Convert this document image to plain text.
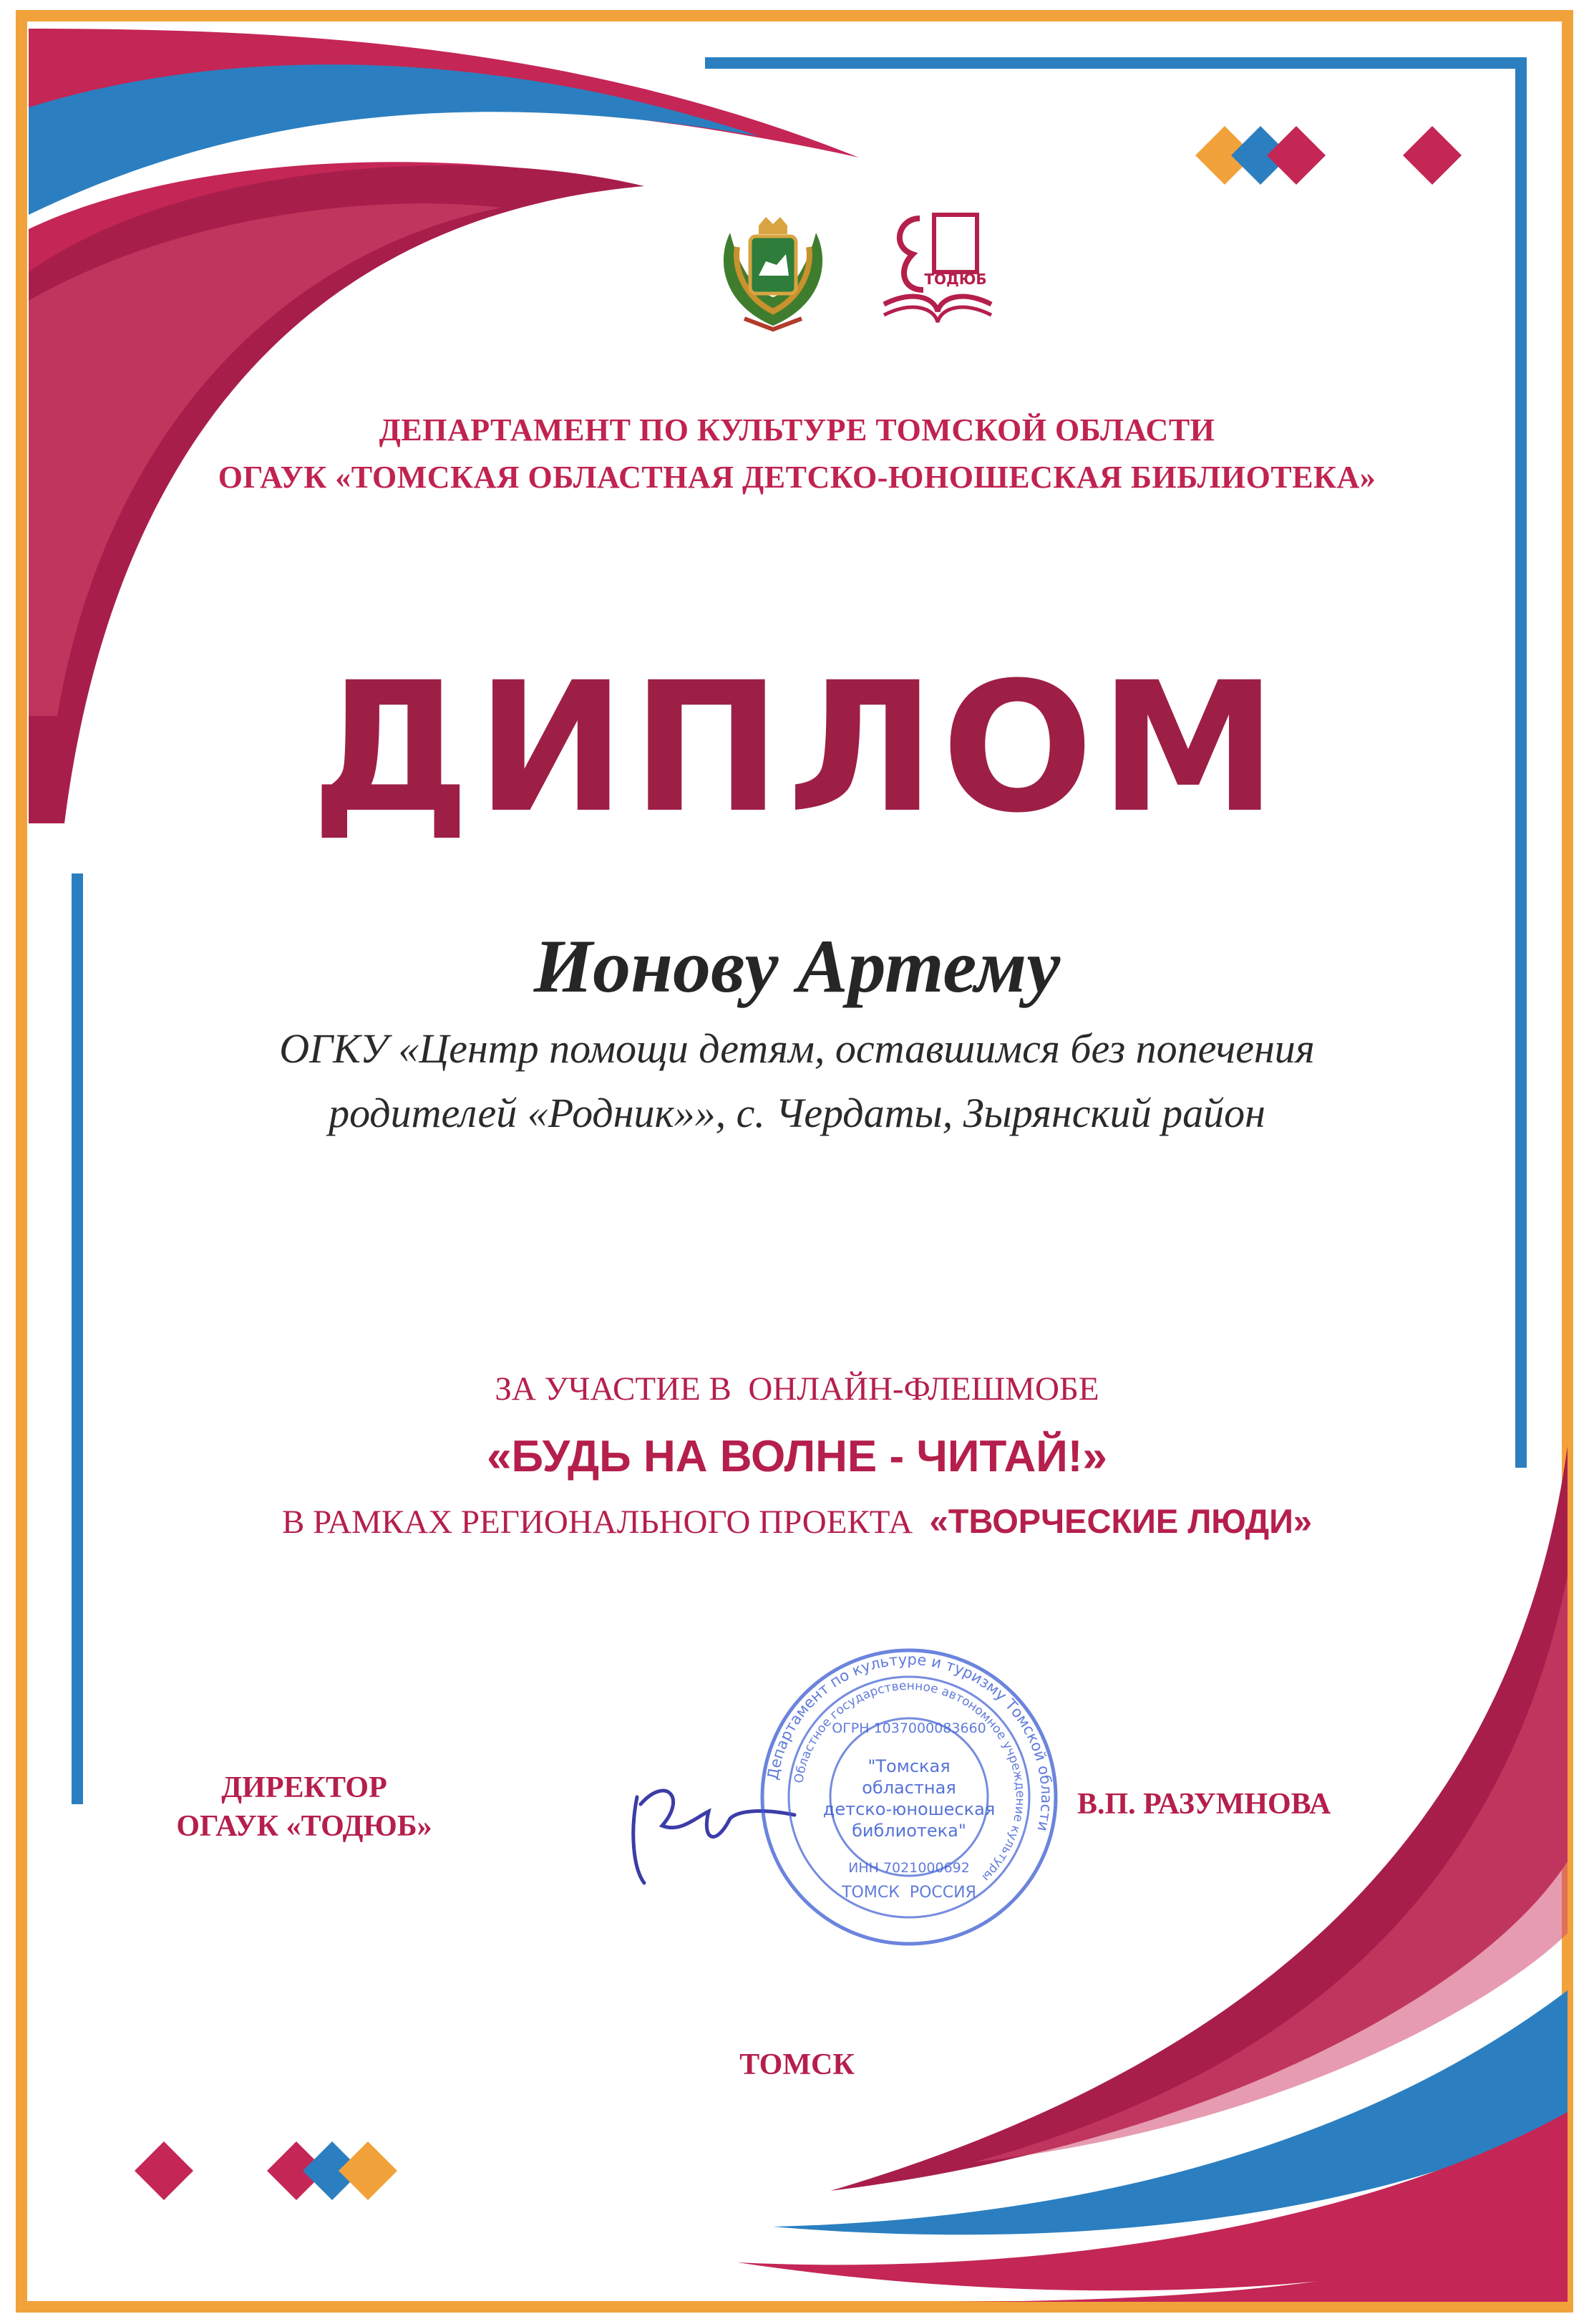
ТОДЮБ
ДЕПАРТАМЕНТ ПО КУЛЬТУРЕ ТОМСКОЙ ОБЛАСТИ
ОГАУК «ТОМСКАЯ ОБЛАСТНАЯ ДЕТСКО-ЮНОШЕСКАЯ БИБЛИОТЕКА»
ДИПЛОМ
Ионову Артему
ОГКУ «Центр помощи детям, оставшимся без попечения
родителей «Родник»», с. Чердаты, Зырянский район
ЗА УЧАСТИЕ В  ОНЛАЙН-ФЛЕШМОБЕ
«БУДЬ НА ВОЛНЕ - ЧИТАЙ!»
В РАМКАХ РЕГИОНАЛЬНОГО ПРОЕКТА «ТВОРЧЕСКИЕ ЛЮДИ»
ДИРЕКТОР
ОГАУК «ТОДЮБ»
Департамент по культуре и туризму Томской области
Областное государственное автономное учреждение культуры
ОГРН 1037000083660
"Томская
областная
детско-юношеская
библиотека"
ИНН 7021000692
ТОМСК  РОССИЯ
В.П. РАЗУМНОВА
ТОМСК
